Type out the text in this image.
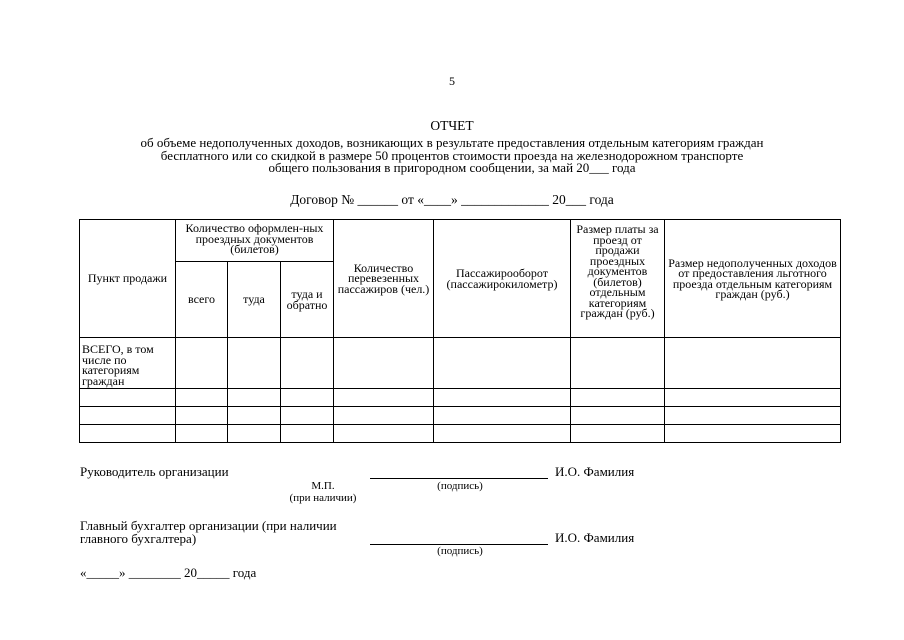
5
ОТЧЕТ
об объеме недополученных доходов, возникающих в результате предоставления отдельным категориям граждан
бесплатного или со скидкой в размере 50 процентов стоимости проезда на железнодорожном транспорте
общего пользования в пригородном сообщении, за май 20___ года
Договор № ______ от «____» _____________ 20___ года
Пункт продажи	Количество оформлен-ных проездных документов (билетов)			Количество перевезенных пассажиров (чел.)	Пассажирооборот (пассажирокилометр)	Размер платы за проезд от продажи проездных документов (билетов) отдельным категориям граждан (руб.)	Размер недополученных доходов от предоставления льготного проезда отдельным категориям граждан (руб.)
	всего	туда	туда и обратно				
ВСЕГО, в том числе по категориям граждан							

Руководитель организации
М.П.
(при наличии)
(подпись)
И.О. Фамилия
Главный бухгалтер организации (при наличии
главного бухгалтера)
(подпись)
И.О. Фамилия
«_____» ________ 20_____ года
